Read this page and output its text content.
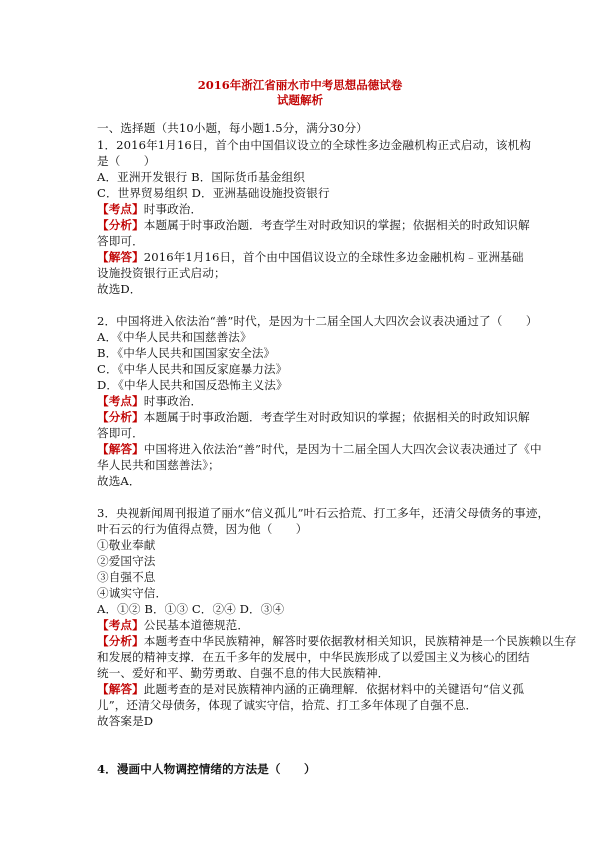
2016年浙江省丽水市中考思想品德试卷
试题解析
一、选择题（共10小题，每小题1.5分，满分30分）
1．2016年1月16日，首个由中国倡议设立的全球性多边金融机构正式启动，该机构
是（　　）
A．亚洲开发银行 B．国际货币基金组织
C．世界贸易组织 D．亚洲基础设施投资银行
【考点】时事政治．
【分析】本题属于时事政治题．考查学生对时政知识的掌握；依据相关的时政知识解
答即可．
【解答】2016年1月16日，首个由中国倡议设立的全球性多边金融机构﹣亚洲基础
设施投资银行正式启动；
故选D．
2．中国将进入依法治“善”时代，是因为十二届全国人大四次会议表决通过了（　　）
A．《中华人民共和国慈善法》
B．《中华人民共和国国家安全法》
C．《中华人民共和国反家庭暴力法》
D．《中华人民共和国反恐怖主义法》
【考点】时事政治．
【分析】本题属于时事政治题．考查学生对时政知识的掌握；依据相关的时政知识解
答即可．
【解答】中国将进入依法治“善”时代，是因为十二届全国人大四次会议表决通过了《中
华人民共和国慈善法》；
故选A．
3．央视新闻周刊报道了丽水“信义孤儿”叶石云拾荒、打工多年，还清父母债务的事迹，
叶石云的行为值得点赞，因为他（　　）
①敬业奉献
②爱国守法
③自强不息
④诚实守信．
A．①② B．①③ C．②④ D．③④
【考点】公民基本道德规范．
【分析】本题考查中华民族精神，解答时要依据教材相关知识，民族精神是一个民族赖以生存
和发展的精神支撑．在五千多年的发展中，中华民族形成了以爱国主义为核心的团结
统一、爱好和平、勤劳勇敢、自强不息的伟大民族精神．
【解答】此题考查的是对民族精神内涵的正确理解．依据材料中的关键语句“信义孤
儿”，还清父母债务，体现了诚实守信，拾荒、打工多年体现了自强不息．
故答案是D
4．漫画中人物调控情绪的方法是（　　）
